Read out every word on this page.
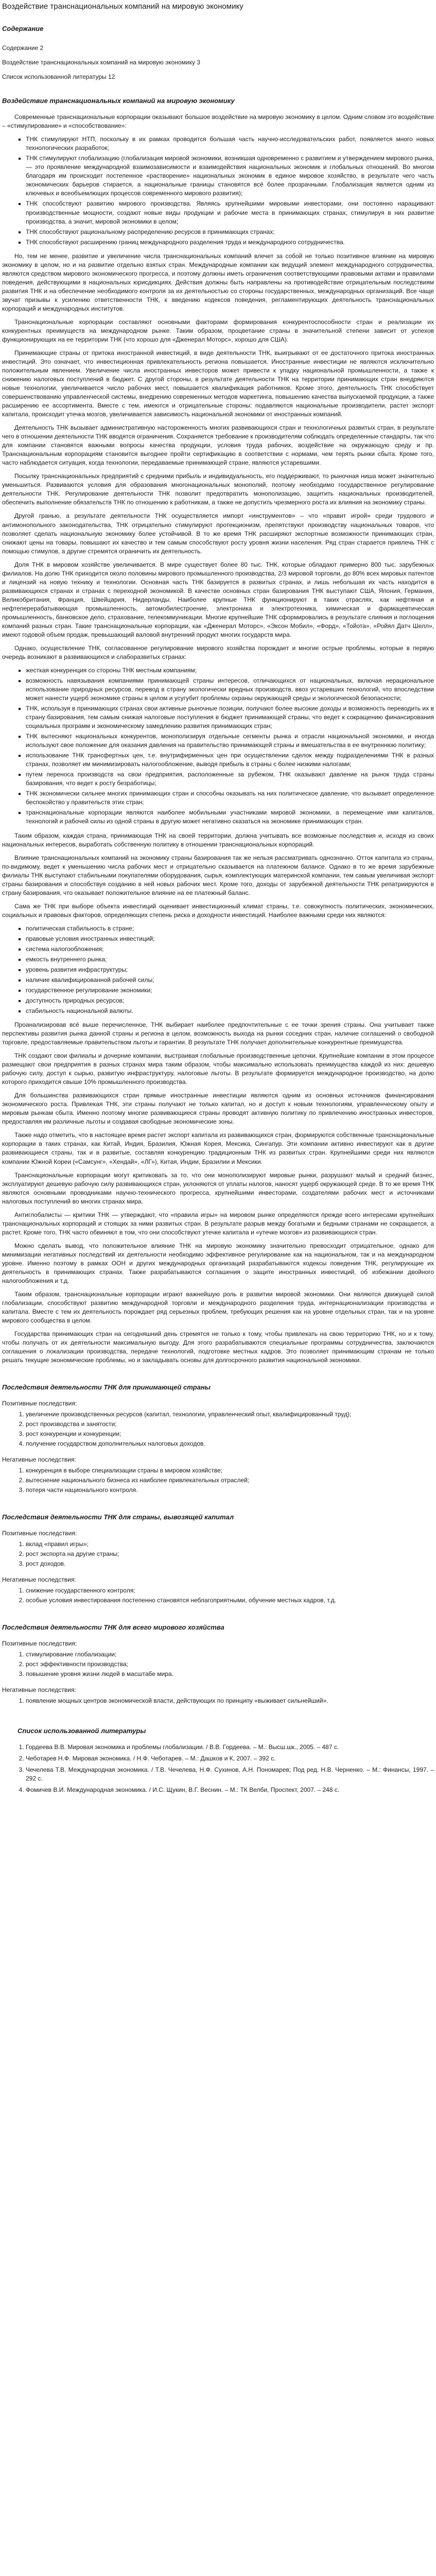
Воздействие транснациональных компаний на мировую экономику
Содержание
Содержание 2
Воздействие транснациональных компаний на мировую экономику 3
Список использованной литературы 12
Воздействие транснациональных компаний на мировую экономику

Современные транснациональные корпорации оказывают большое воздействие на мировую экономику в целом. Одним словом это воздействие – «стимулирование» и «способствование»:

▪ ТНК стимулируют НТП, поскольку в их рамках проводится большая часть научно-исследовательских работ, появляется много новых технологических разработок;
▪ ТНК стимулируют глобализацию (глобализация мировой экономики, возникшая одновременно с развитием и утверждением мирового рынка, — это проявление международной взаимозависимости и взаимодействия национальных экономик и глобальных отношений. Во многом благодаря им происходит постепенное «растворение» национальных экономик в единое мировое хозяйство, в результате чего часть экономических барьеров стирается, а национальные границы становятся всё более прозрачными. Глобализация является одним из ключевых и всеобъемлющих процессов современного мирового развития);
▪ ТНК способствуют развитию мирового производства. Являясь крупнейшими мировыми инвесторами, они постоянно наращивают производственные мощности, создают новые виды продукции и рабочие места в принимающих странах, стимулируя в них развитие производства, а значит, мировой экономики в целом;
▪ ТНК способствуют рациональному распределению ресурсов в принимающих странах;
▪ ТНК способствуют расширению границ международного разделения труда и международного сотрудничества.

Но, тем не менее, развитие и увеличение числа транснациональных компаний влечет за собой не только позитивное влияние на мировую экономику в целом, но и на развитие отдельно взятых стран. Международные компании как ведущий элемент международного сотрудничества, являются средством мирового экономического прогресса, и поэтому должны иметь ограничения соответствующими правовыми актами и правилами поведения, действующими в национальных юрисдикциях. Действия должны быть направлены на противодействие отрицательным последствиям развития ТНК и на обеспечение необходимого контроля за их деятельностью со стороны государственных, международных организаций. Все чаще звучат призывы к усилению ответственности ТНК, к введению кодексов поведения, регламентирующих деятельность транснациональных корпораций и международных институтов.

Транснациональные корпорации составляют основными факторами формирования конкурентоспособности стран и реализации их конкурентных преимуществ на международном рынке. Таким образом, процветание страны в значительной степени зависит от успехов функционирующих на ее территории ТНК (что хорошо для «Дженерал Моторс», хорошо для США).

Принимающие страны от притока иностранной инвестиций, в виде деятельности ТНК, выигрывают от ее достаточного притока иностранных инвестиций. Это означает, что инвестиционная привлекательность региона повышается. Иностранные инвестиции не являются исключительно положительным явлением. Увеличение числа иностранных инвесторов может привести к упадку национальной промышленности, а также к снижению налоговых поступлений в бюджет. С другой стороны, в результате деятельности ТНК на территории принимающих стран внедряются новые технологии, увеличивается число рабочих мест, повышается квалификация работников. Кроме этого, деятельность ТНК способствует совершенствованию управленческой системы, внедрению современных методов маркетинга, повышению качества выпускаемой продукции, а также расширению ее ассортимента. Вместе с тем, имеются и отрицательные стороны: подавляются национальные производители, растет экспорт капитала, происходит утечка мозгов, увеличивается зависимость национальной экономики от иностранных компаний.

Деятельность ТНК вызывает административную настороженность многих развивающихся стран и технологичных развитых стран, в результате чего в отношении деятельности ТНК вводятся ограничения. Сохраняется требование к производителям соблюдать определенные стандарты, так что для компании становятся важными вопросы качества продукции, условия труда рабочих, воздействие на окружающую среду и пр. Транснациональным корпорациям становится выгоднее пройти сертификацию в соответствии с нормами, чем терять рынки сбыта. Кроме того, часто наблюдается ситуация, когда технологии, передаваемые принимающей стране, являются устаревшими.

Посылку транснациональных предприятий с средними прибыль и индивидуальность, его поддерживают, то рыночная ниша может значительно уменьшиться. Развиваются условия для образования многонациональных монополий, поэтому необходимо государственное регулирование деятельности ТНК. Регулирование деятельности ТНК позволит предотвратить монополизацию, защитить национальных производителей, обеспечить выполнение обязательств ТНК по отношению к работникам, а также не допустить чрезмерного роста их влияния на экономику страны.

Другой гранью, а результате деятельности ТНК осуществляется импорт «инструментов» – что «правит игрой» среди трудового и антимонопольного законодательства, ТНК отрицательно стимулируют протекционизм, препятствуют производству национальных товаров, что позволяет сделать национальную экономику более устойчивой. В то же время ТНК расширяют экспортные возможности принимающих стран, снижают цены на товары, повышают их качество и тем самым способствуют росту уровня жизни населения. Ряд стран старается привлечь ТНК с помощью стимулов, а другие стремятся ограничить их деятельность.

Доля ТНК в мировом хозяйстве увеличивается. В мире существует более 80 тыс. ТНК, которые обладают примерно 800 тыс. зарубежных филиалов. На долю ТНК приходится около половины мирового промышленного производства, 2/3 мировой торговли, до 80% всех мировых патентов и лицензий на новую технику и технологии. Основная часть ТНК базируется в развитых странах, и лишь небольшая их часть находится в развивающихся странах и странах с переходной экономикой. В качестве основных стран базирования ТНК выступают США, Япония, Германия, Великобритания, Франция, Швейцария, Нидерланды. Наиболее крупные ТНК функционируют в таких отраслях, как нефтяная и нефтеперерабатывающая промышленность, автомобилестроение, электроника и электротехника, химическая и фармацевтическая промышленность, банковское дело, страхование, телекоммуникации. Многие крупнейшие ТНК сформировались в результате слияния и поглощения компаний разных стран. Такие транснациональные корпорации, как «Дженерал Моторс», «Эксон Мобил», «Форд», «Тойота», «Ройял Датч Шелл», имеют годовой объем продаж, превышающий валовой внутренний продукт многих государств мира.

Однако, осуществление ТНК, согласованное регулирование мирового хозяйства порождает и многие острые проблемы, которые в первую очередь возникают в развивающихся и слаборазвитых странах:

▪ жесткая конкуренция со стороны ТНК местным компаниям;
▪ возможность навязывания компаниями принимающей страны интересов, отличающихся от национальных, включая нерациональное использование природных ресурсов, перевод в страну экологически вредных производств, ввоз устаревших технологий, что впоследствии может нанести ущерб экономике страны в целом и усугубит проблемы охраны окружающей среды и экологической безопасности;
▪ ТНК, используя в принимающих странах свои активные рыночные позиции, получают более высокие доходы и возможность переводить их в страну базирования, тем самым снижая налоговые поступления в бюджет принимающей страны, что ведет к сокращению финансирования социальных программ и экономическому замедлению развития принимающих стран;
▪ ТНК вытесняют национальных конкурентов, монополизируя отдельные сегменты рынка и отрасли национальной экономики, и иногда используют свое положение для оказания давления на правительство принимающей страны и вмешательства в ее внутреннюю политику;
▪ использование ТНК трансфертных цен, т.е. внутрифирменных цен при осуществлении сделок между подразделениями ТНК в разных странах, позволяет им минимизировать налогообложение, выводя прибыль в страны с более низкими налогами;
▪ путем переноса производств на свои предприятия, расположенные за рубежом, ТНК оказывают давление на рынок труда страны базирования, что ведет к росту безработицы;
▪ ТНК экономически сильнее многих принимающих стран и способны оказывать на них политическое давление, что вызывает определенное беспокойство у правительств этих стран;
▪ транснациональные корпорации являются наиболее мобильными участниками мировой экономики, а перемещение ими капиталов, технологий и рабочей силы из одной страны в другую может негативно сказаться на экономике принимающих стран.

Таким образом, каждая страна, принимающая ТНК на своей территории, должна учитывать все возможные последствия и, исходя из своих национальных интересов, выработать собственную политику в отношении транснациональных корпораций.

Влияние транснациональных компаний на экономику страны базирования так же нельзя рассматривать однозначно. Отток капитала из страны, по-видимому, ведет к уменьшению числа рабочих мест и отрицательно сказывается на платежном балансе. Однако в то же время зарубежные филиалы ТНК выступают стабильными покупателями оборудования, сырья, комплектующих материнской компании, тем самым увеличивая экспорт страны базирования и способствуя созданию в ней новых рабочих мест. Кроме того, доходы от зарубежной деятельности ТНК репатриируются в страну базирования, что оказывает положительное влияние на ее платежный баланс.

Сама же ТНК при выборе объекта инвестиций оценивает инвестиционный климат страны, т.е. совокупность политических, экономических, социальных и правовых факторов, определяющих степень риска и доходности инвестиций. Наиболее важными среди них являются:

▪ политическая стабильность в стране;
▪ правовые условия иностранных инвестиций;
▪ система налогообложения;
▪ емкость внутреннего рынка;
▪ уровень развития инфраструктуры;
▪ наличие квалифицированной рабочей силы;
▪ государственное регулирование экономики;
▪ доступность природных ресурсов;
▪ стабильность национальной валюты.

Проанализировав всё выше перечисленное, ТНК выбирает наиболее предпочтительные с ее точки зрения страны. Она учитывает также перспективы развития рынка данной страны и региона в целом, возможность выхода на рынки соседних стран, наличие соглашений о свободной торговле, предоставляемые правительством льготы и гарантии. В результате ТНК получает дополнительные конкурентные преимущества.

ТНК создают свои филиалы и дочерние компании, выстраивая глобальные производственные цепочки. Крупнейшие компании в этом процессе размещают свои предприятия в разных странах мира таким образом, чтобы максимально использовать преимущества каждой из них: дешевую рабочую силу, доступ к сырью, развитую инфраструктуру, налоговые льготы. В результате формируется международное производство, на долю которого приходится свыше 10% промышленного производства.

Для большинства развивающихся стран прямые иностранные инвестиции являются одним из основных источников финансирования экономического роста. Привлекая ТНК, эти страны получают не только капитал, но и доступ к новым технологиям, управленческому опыту и мировым рынкам сбыта. Именно поэтому многие развивающиеся страны проводят активную политику по привлечению иностранных инвесторов, предоставляя им различные льготы и создавая свободные экономические зоны.

Также надо отметить, что в настоящее время растет экспорт капитала из развивающихся стран, формируются собственные транснациональные корпорации в таких странах, как Китай, Индия, Бразилия, Южная Корея, Мексика, Сингапур. Эти компании активно инвестируют как в другие развивающиеся страны, так и в развитые, составляя конкуренцию традиционным ТНК из развитых стран. Крупнейшими среди них являются компании Южной Кореи («Самсунг», «Хендай», «ЛГ»), Китая, Индии, Бразилии и Мексики.

Транснациональные корпорации могут критиковать за то, что они монополизируют мировые рынки, разрушают малый и средний бизнес, эксплуатируют дешевую рабочую силу развивающихся стран, уклоняются от уплаты налогов, наносят ущерб окружающей среде. В то же время ТНК являются основными проводниками научно-технического прогресса, крупнейшими инвесторами, создателями рабочих мест и источниками налоговых поступлений во многих странах мира.

Антиглобалисты — критики ТНК — утверждают, что «правила игры» на мировом рынке определяются прежде всего интересами крупнейших транснациональных корпораций и стоящих за ними развитых стран. В результате разрыв между богатыми и бедными странами не сокращается, а растет. Кроме того, ТНК часто обвиняют в том, что они способствуют утечке капитала и «утечке мозгов» из развивающихся стран.

Можно сделать вывод, что положительное влияние ТНК на мировую экономику значительно превосходит отрицательное, однако для минимизации негативных последствий их деятельности необходимо эффективное регулирование как на национальном, так и на международном уровне. Именно поэтому в рамках ООН и других международных организаций разрабатываются кодексы поведения ТНК, регулирующие их деятельность в принимающих странах. Также разрабатываются соглашения о защите иностранных инвестиций, об избежании двойного налогообложения и т.д.

Таким образом, транснациональные корпорации играют важнейшую роль в развитии мировой экономики. Они являются движущей силой глобализации, способствуют развитию международной торговли и международного разделения труда, интернационализации производства и капитала. Вместе с тем их деятельность порождает ряд серьезных проблем, требующих решения как на уровне отдельных стран, так и на уровне мирового сообщества в целом.

Государства принимающих стран на сегодняшний день стремятся не только к тому, чтобы привлекать на свою территорию ТНК, но и к тому, чтобы получать от их деятельности максимальную выгоду. Для этого разрабатываются специальные программы сотрудничества, заключаются соглашения о локализации производства, передаче технологий, подготовке местных кадров. Это позволяет принимающим странам не только решать текущие экономические проблемы, но и закладывать основы для долгосрочного развития национальной экономики.

Последствия деятельности ТНК для принимающей страны
Позитивные последствия:
1. увеличение производственных ресурсов (капитал, технологии, управленческий опыт, квалифицированный труд);
2. рост производства и занятости;
3. рост конкуренции и конкуренции;
4. получение государством дополнительных налоговых доходов.
Негативные последствия:
1. конкуренция в выборе специализации страны в мировом хозяйстве;
2. вытеснение национального бизнеса из наиболее привлекательных отраслей;
3. потеря части национального контроля.
Последствия деятельности ТНК для страны, вывозящей капитал
Позитивные последствия:
1. вклад «правил игры»;
2. рост экспорта на другие страны;
3. рост доходов.
Негативные последствия:
1. снижение государственного контроля;
2. особые условия инвестирования постепенно становятся неблагоприятными, обучение местных кадров, т.д.
Последствия деятельности ТНК для всего мирового хозяйства
Позитивные последствия:
1. стимулирование глобализации;
2. рост эффективности производства;
3. повышение уровня жизни людей в масштабе мира.
Негативные последствия:
1. появление мощных центров экономической власти, действующих по принципу «выживает сильнейший».
Список использованной литературы
1. Гордеева В.В. Мировая экономика и проблемы глобализации. / В.В. Гордеева. – М.: Высш.шк., 2005. – 487 с.
2. Чеботарев Н.Ф. Мировая экономика. / Н.Ф. Чеботарев. – М.: Дашков и К, 2007. – 392 с.
3. Чечелева Т.В. Международная экономика. / Т.В. Чечелева, Н.Ф. Сухинов, А.Н. Пономарев; Под ред. Н.В. Черненко. – М.: Финансы, 1997. – 292 с.
4. Фомичев В.И. Международная экономика. / И.С. Щукин, В.Г. Веснин. – М.: ТК Велби, Проспект, 2007. – 248 с.
